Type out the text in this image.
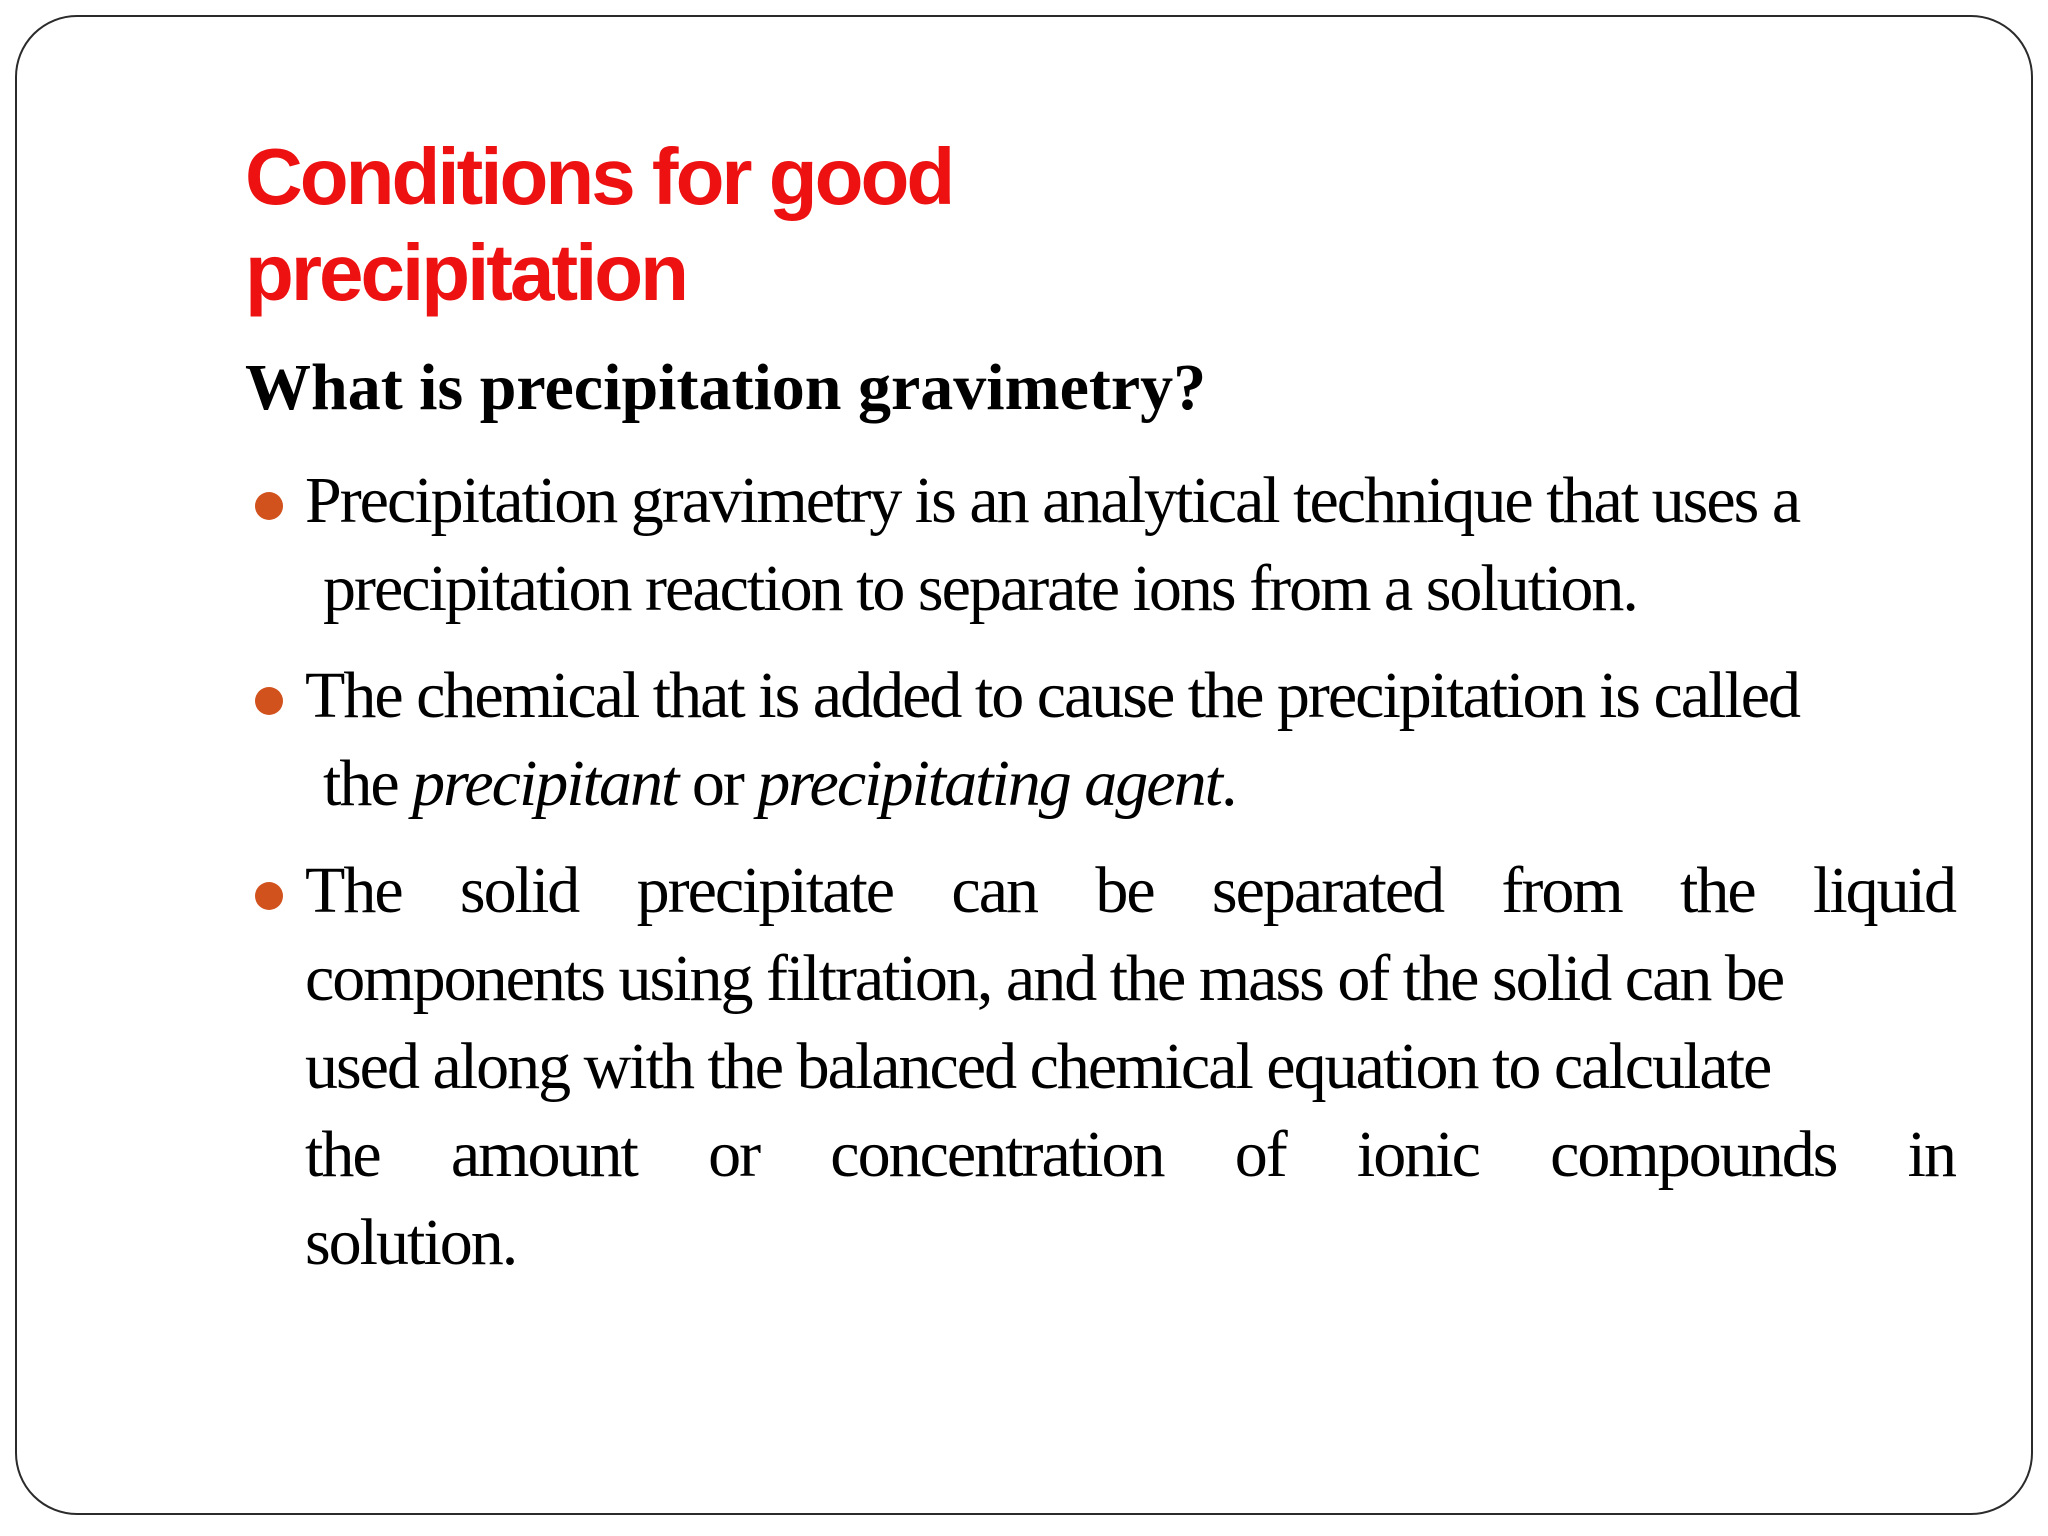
Conditions for good
precipitation
What is precipitation gravimetry?
Precipitation gravimetry is an analytical technique that uses a
precipitation reaction to separate ions from a solution.
The chemical that is added to cause the precipitation is called
the precipitant or precipitating agent.
The solid precipitate can be separated from the liquid
components using filtration, and the mass of the solid can be
used along with the balanced chemical equation to calculate
the amount or concentration of ionic compounds in
solution.
